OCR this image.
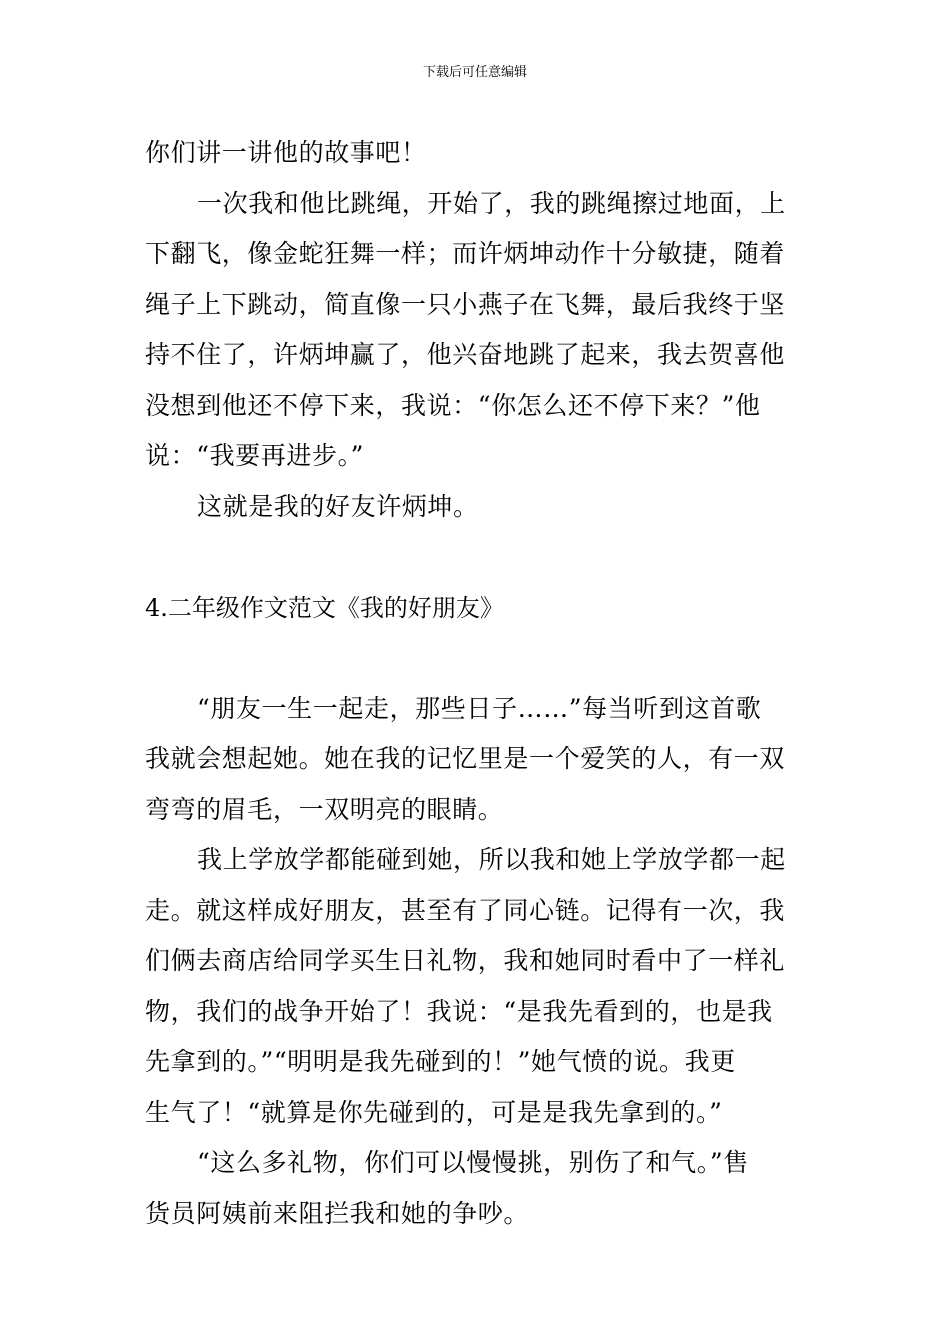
下载后可任意编辑
你们讲一讲他的故事吧！
一次我和他比跳绳，开始了，我的跳绳擦过地面，上
下翻飞，像金蛇狂舞一样；而许炳坤动作十分敏捷，随着
绳子上下跳动，简直像一只小燕子在飞舞，最后我终于坚
持不住了，许炳坤赢了，他兴奋地跳了起来，我去贺喜他
没想到他还不停下来，我说：“你怎么还不停下来？”他
说：“我要再进步。”
这就是我的好友许炳坤。
4.二年级作文范文《我的好朋友》
“朋友一生一起走，那些日子……”每当听到这首歌
我就会想起她。她在我的记忆里是一个爱笑的人，有一双
弯弯的眉毛，一双明亮的眼睛。
我上学放学都能碰到她，所以我和她上学放学都一起
走。就这样成好朋友，甚至有了同心链。记得有一次，我
们俩去商店给同学买生日礼物，我和她同时看中了一样礼
物，我们的战争开始了！我说：“是我先看到的，也是我
先拿到的。”“明明是我先碰到的！”她气愤的说。我更
生气了！“就算是你先碰到的，可是是我先拿到的。”
“这么多礼物，你们可以慢慢挑，别伤了和气。”售
货员阿姨前来阻拦我和她的争吵。
